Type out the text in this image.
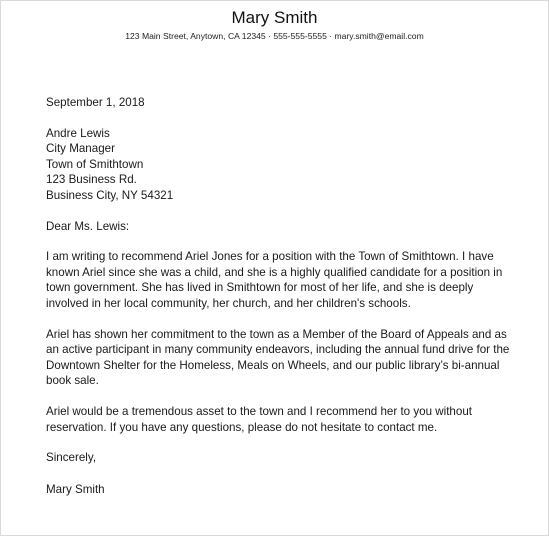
Mary Smith
123 Main Street, Anytown, CA 12345 · 555-555-5555 · mary.smith@email.com
September 1, 2018
Andre Lewis
City Manager
Town of Smithtown
123 Business Rd.
Business City, NY 54321
Dear Ms. Lewis:
I am writing to recommend Ariel Jones for a position with the Town of Smithtown. I have known Ariel since she was a child, and she is a highly qualified candidate for a position in town government. She has lived in Smithtown for most of her life, and she is deeply involved in her local community, her church, and her children's schools.
Ariel has shown her commitment to the town as a Member of the Board of Appeals and as an active participant in many community endeavors, including the annual fund drive for the Downtown Shelter for the Homeless, Meals on Wheels, and our public library’s bi-annual book sale.
Ariel would be a tremendous asset to the town and I recommend her to you without reservation. If you have any questions, please do not hesitate to contact me.
Sincerely,
Mary Smith
